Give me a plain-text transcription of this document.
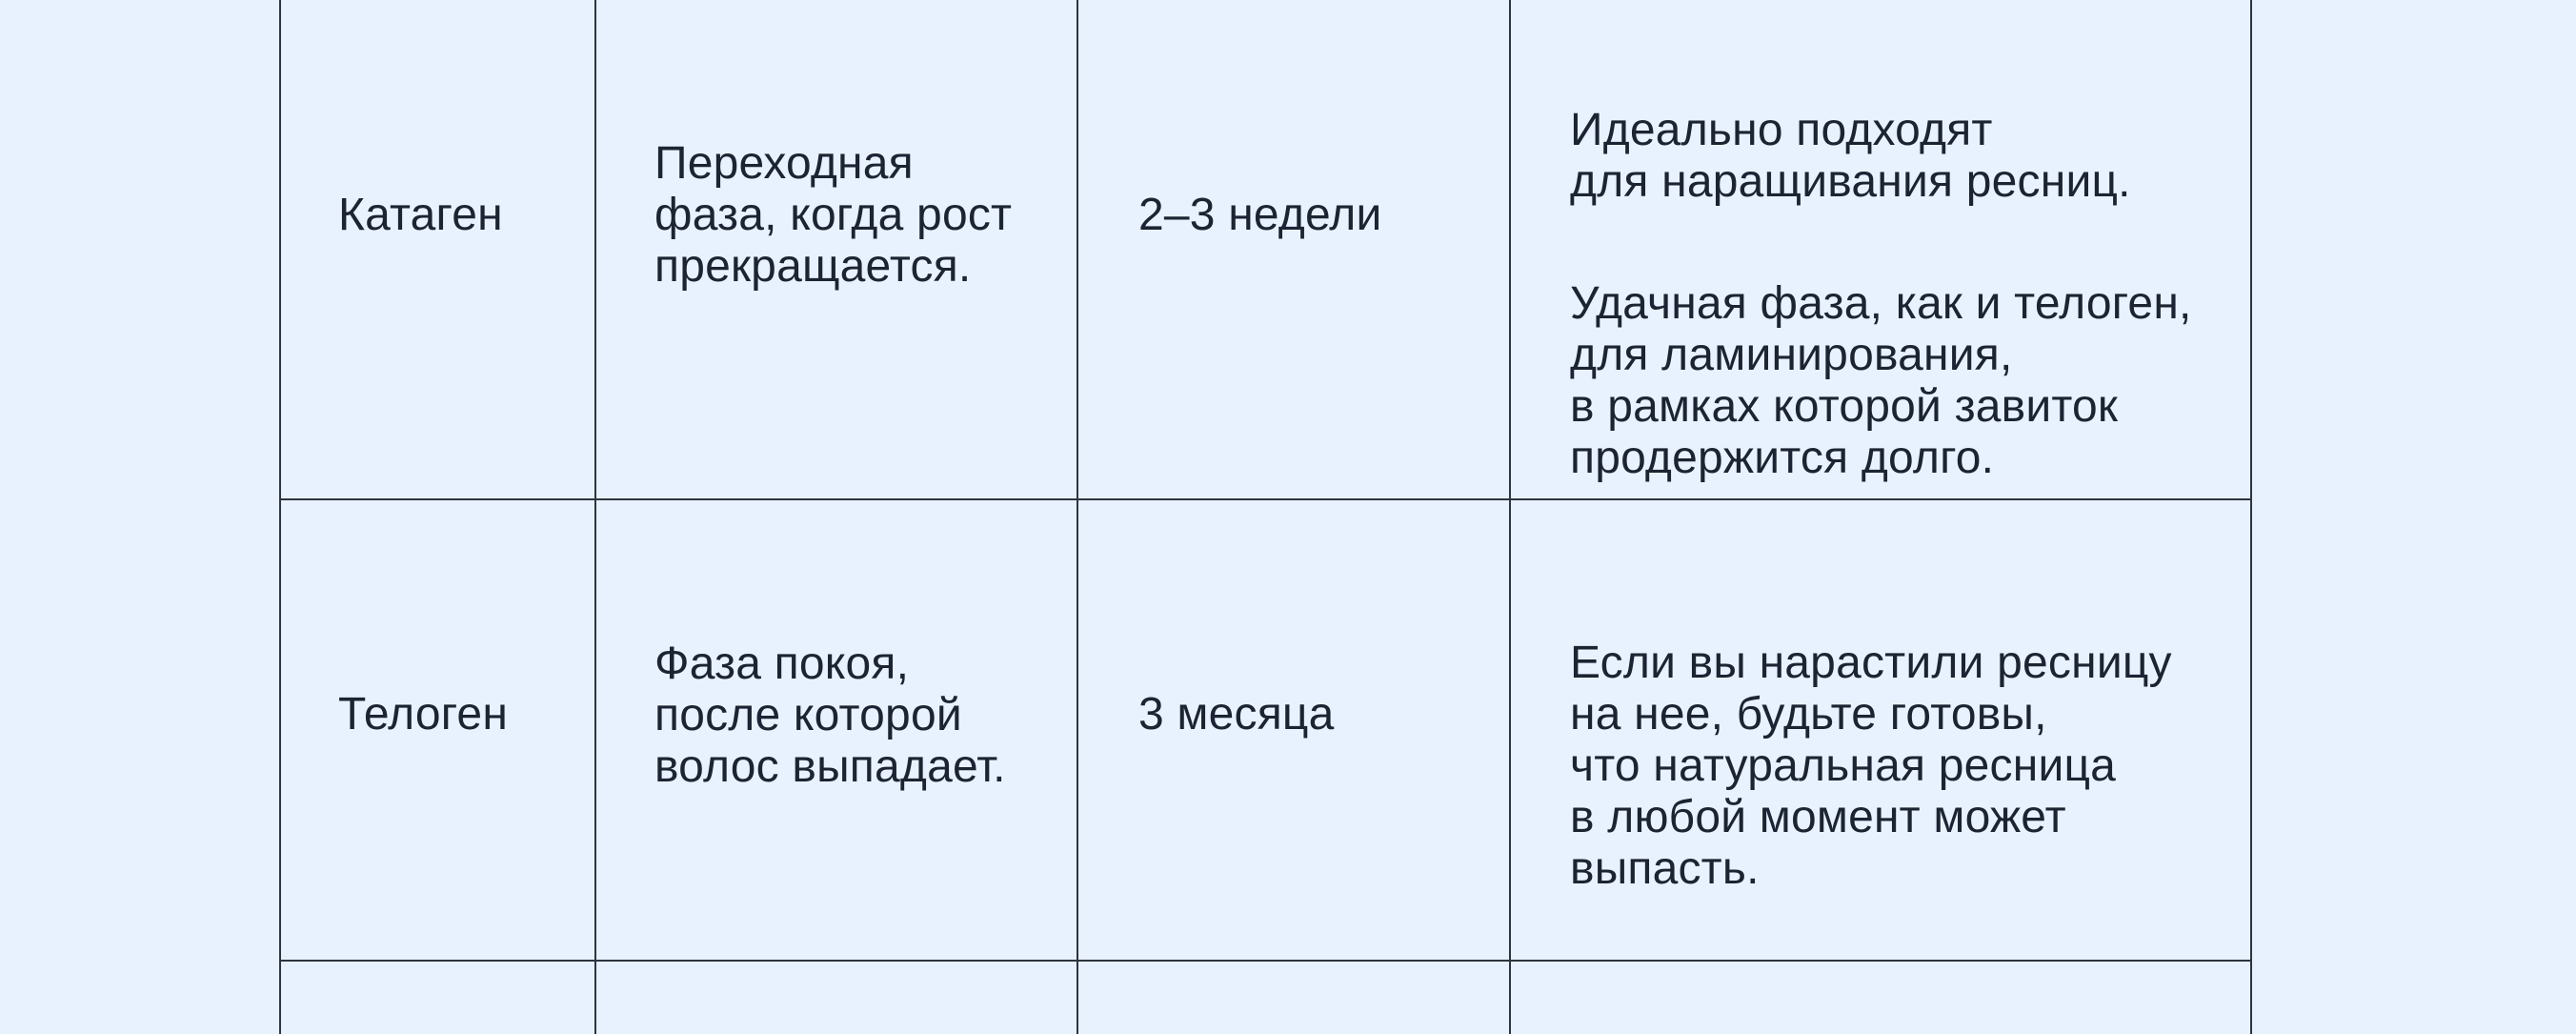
Катаген
Переходная
фаза, когда рост
прекращается.
2–3 недели

Идеально подходят
для наращивания ресниц.

Удачная фаза, как и телоген,
для ламинирования,
в рамках которой завиток
продержится долго.

Телоген
Фаза покоя,
после которой
волос выпадает.
3 месяца

Если вы нарастили ресницу
на нее, будьте готовы,
что натуральная ресница
в любой момент может
выпасть.
